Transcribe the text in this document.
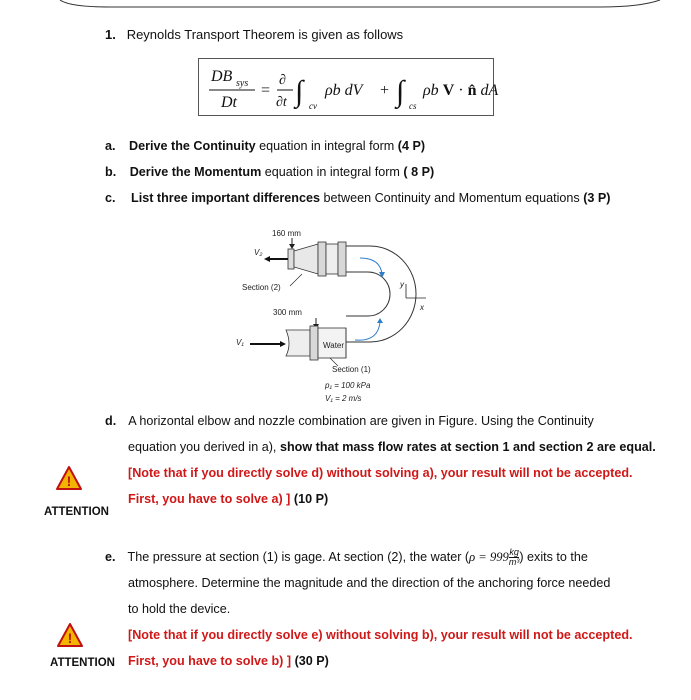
1. Reynolds Transport Theorem is given as follows
DB sys
Dt
=
∂
∂t ∫ cv
ρb dV + ∫ cs
ρb V · n̂ dA
a. Derive the Continuity equation in integral form (4 P)
b. Derive the Momentum equation in integral form ( 8 P)
c. List three important differences between Continuity and Momentum equations (3 P)
160 mm
V₂
Section (2)
300 mm
V₁	Water
Section (1)
p₁ = 100 kPa
V₁ = 2 m/s
y
x
d. A horizontal elbow and nozzle combination are given in Figure. Using the Continuity
equation you derived in a), show that mass flow rates at section 1 and section 2 are equal.
[Note that if you directly solve d) without solving a), your result will not be accepted.
First, you have to solve a) ] (10 P)
!
ATTENTION
e. The pressure at section (1) is gage. At section (2), the water ($\rho = 999 \frac{kg}{\text{m³}}$ ) exits to the
atmosphere. Determine the magnitude and the direction of the anchoring force needed
to hold the device.
[Note that if you directly solve e) without solving b), your result will not be accepted.
First, you have to solve b) ] (30 P)
!
ATTENTION
